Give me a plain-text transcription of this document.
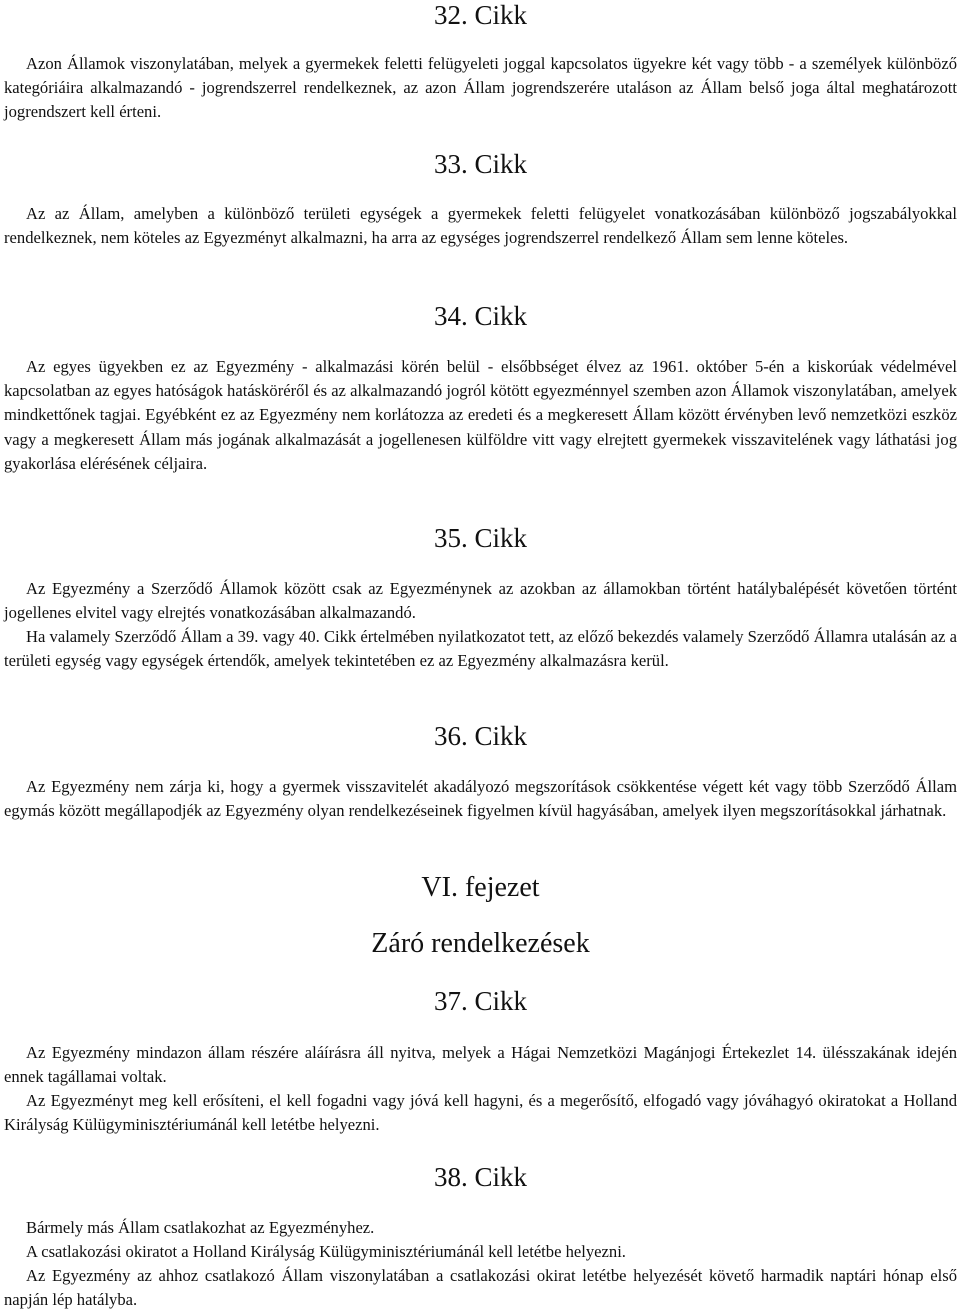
32. Cikk
Azon Államok viszonylatában, melyek a gyermekek feletti felügyeleti joggal kapcsolatos ügyekre két vagy több - a személyek különböző kategóriáira alkalmazandó - jogrendszerrel rendelkeznek, az azon Állam jogrendszerére utaláson az Állam belső joga által meghatározott jogrendszert kell érteni.
33. Cikk
Az az Állam, amelyben a különböző területi egységek a gyermekek feletti felügyelet vonatkozásában különböző jogszabályokkal rendelkeznek, nem köteles az Egyezményt alkalmazni, ha arra az egységes jogrendszerrel rendelkező Állam sem lenne köteles.
34. Cikk
Az egyes ügyekben ez az Egyezmény - alkalmazási körén belül - elsőbbséget élvez az 1961. október 5-én a kiskorúak védelmével kapcsolatban az egyes hatóságok hatásköréről és az alkalmazandó jogról kötött egyezménnyel szemben azon Államok viszonylatában, amelyek mindkettőnek tagjai. Egyébként ez az Egyezmény nem korlátozza az eredeti és a megkeresett Állam között érvényben levő nemzetközi eszköz vagy a megkeresett Állam más jogának alkalmazását a jogellenesen külföldre vitt vagy elrejtett gyermekek visszavitelének vagy láthatási jog gyakorlása elérésének céljaira.
35. Cikk
Az Egyezmény a Szerződő Államok között csak az Egyezménynek az azokban az államokban történt hatálybalépését követően történt jogellenes elvitel vagy elrejtés vonatkozásában alkalmazandó.
Ha valamely Szerződő Állam a 39. vagy 40. Cikk értelmében nyilatkozatot tett, az előző bekezdés valamely Szerződő Államra utalásán az a területi egység vagy egységek értendők, amelyek tekintetében ez az Egyezmény alkalmazásra kerül.
36. Cikk
Az Egyezmény nem zárja ki, hogy a gyermek visszavitelét akadályozó megszorítások csökkentése végett két vagy több Szerződő Állam egymás között megállapodjék az Egyezmény olyan rendelkezéseinek figyelmen kívül hagyásában, amelyek ilyen megszorításokkal járhatnak.
VI. fejezet
Záró rendelkezések
37. Cikk
Az Egyezmény mindazon állam részére aláírásra áll nyitva, melyek a Hágai Nemzetközi Magánjogi Értekezlet 14. ülésszakának idején ennek tagállamai voltak.
Az Egyezményt meg kell erősíteni, el kell fogadni vagy jóvá kell hagyni, és a megerősítő, elfogadó vagy jóváhagyó okiratokat a Holland Királyság Külügyminisztériumánál kell letétbe helyezni.
38. Cikk
Bármely más Állam csatlakozhat az Egyezményhez.
A csatlakozási okiratot a Holland Királyság Külügyminisztériumánál kell letétbe helyezni.
Az Egyezmény az ahhoz csatlakozó Állam viszonylatában a csatlakozási okirat letétbe helyezését követő harmadik naptári hónap első napján lép hatályba.
